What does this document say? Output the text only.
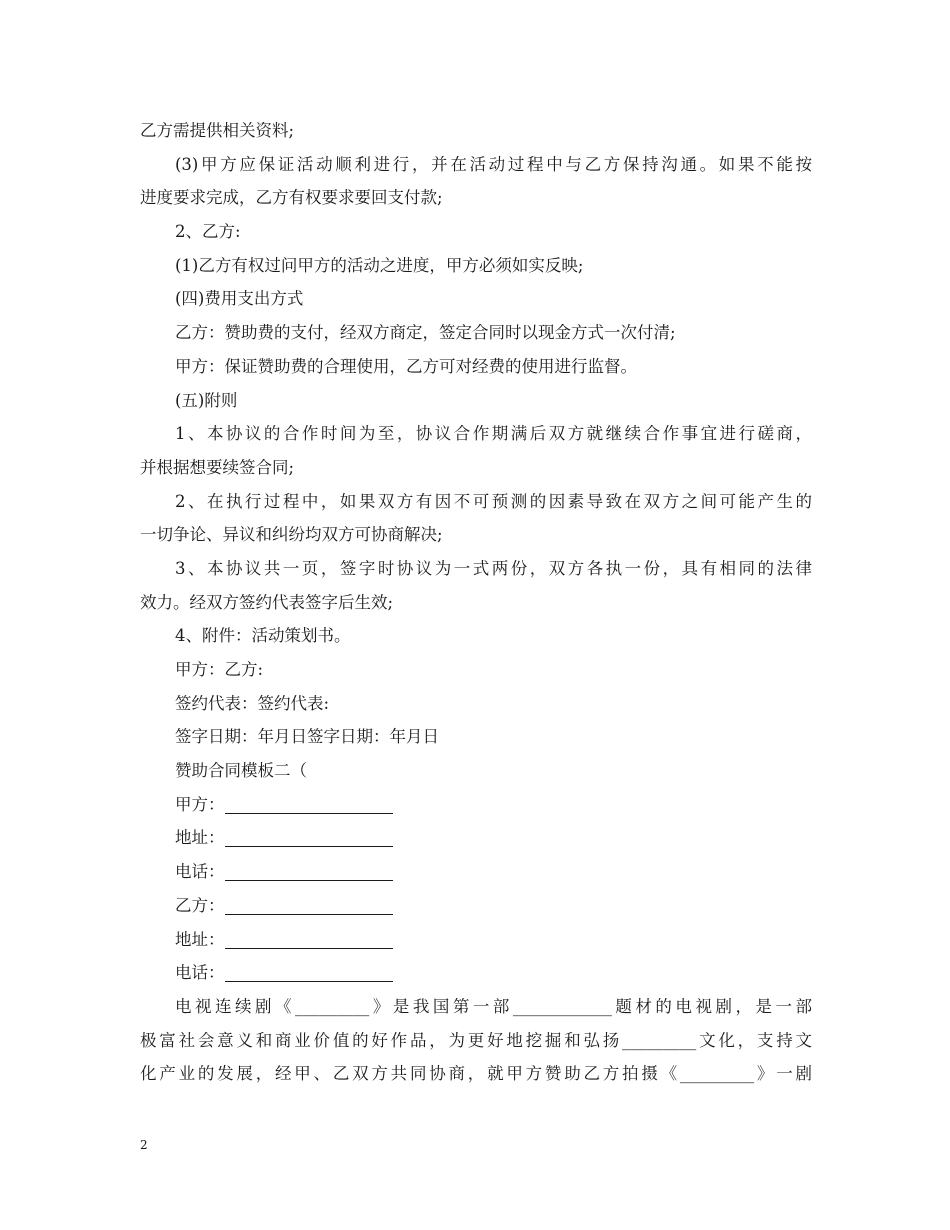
乙方需提供相关资料;
(3)甲方应保证活动顺利进行，并在活动过程中与乙方保持沟通。如果不能按
进度要求完成，乙方有权要求要回支付款;
2、乙方:
(1)乙方有权过问甲方的活动之进度，甲方必须如实反映;
(四)费用支出方式
乙方：赞助费的支付，经双方商定，签定合同时以现金方式一次付清;
甲方：保证赞助费的合理使用，乙方可对经费的使用进行监督。
(五)附则
1、本协议的合作时间为至，协议合作期满后双方就继续合作事宜进行磋商，
并根据想要续签合同;
2、在执行过程中，如果双方有因不可预测的因素导致在双方之间可能产生的
一切争论、异议和纠纷均双方可协商解决;
3、本协议共一页，签字时协议为一式两份，双方各执一份，具有相同的法律
效力。经双方签约代表签字后生效;
4、附件：活动策划书。
甲方：乙方:
签约代表：签约代表:
签字日期：年月日签字日期：年月日
赞助合同模板二（
甲方：
地址：
电话：
乙方：
地址：
电话：
电视连续剧《_________》是我国第一部____________题材的电视剧，是一部
极富社会意义和商业价值的好作品，为更好地挖掘和弘扬_________文化，支持文
化产业的发展，经甲、乙双方共同协商，就甲方赞助乙方拍摄《_________》一剧
2
